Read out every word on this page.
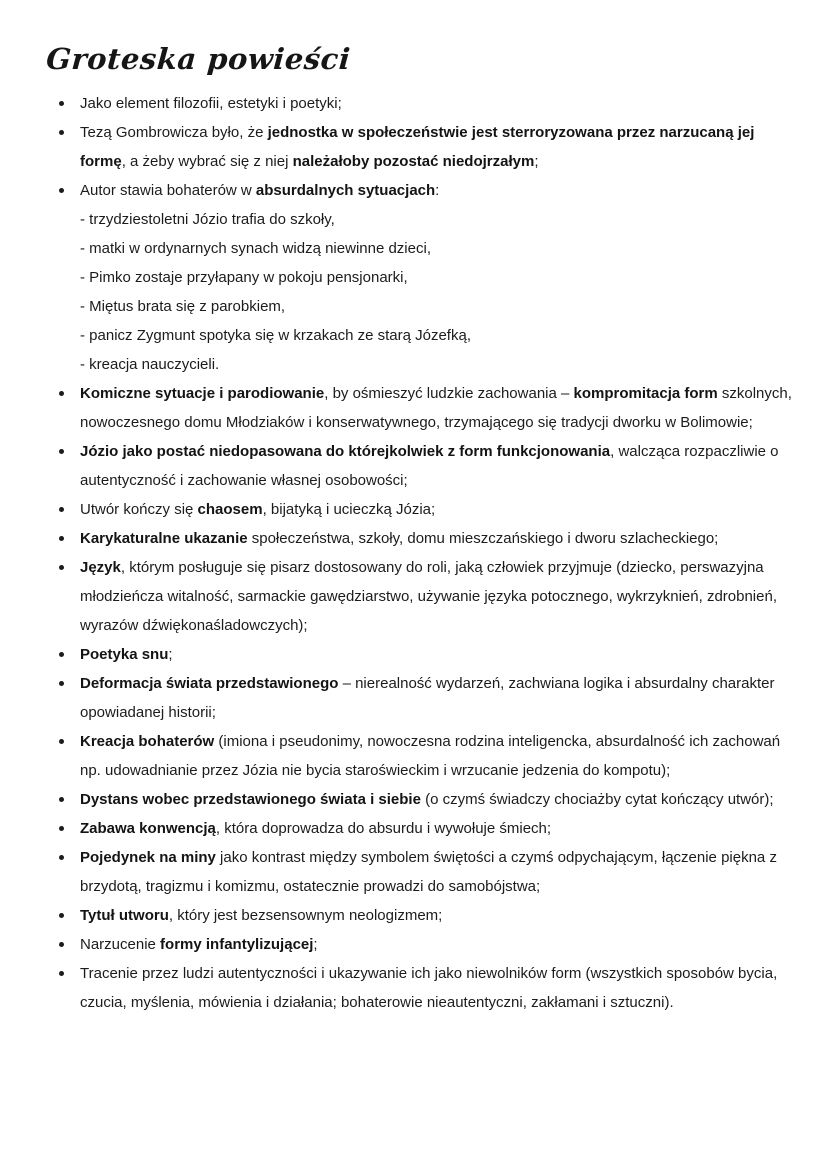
Groteska powieści
Jako element filozofii, estetyki i poetyki;
Tezą Gombrowicza było, że jednostka w społeczeństwie jest sterroryzowana przez narzucaną jej formę, a żeby wybrać się z niej należałoby pozostać niedojrzałym;
Autor stawia bohaterów w absurdalnych sytuacjach:
- trzydziestoletni Józio trafia do szkoły,
- matki w ordynarnych synach widzą niewinne dzieci,
- Pimko zostaje przyłapany w pokoju pensjonarki,
- Miętus brata się z parobkiem,
- panicz Zygmunt spotyka się w krzakach ze starą Józefką,
- kreacja nauczycieli.
Komiczne sytuacje i parodiowanie, by ośmieszyć ludzkie zachowania – kompromitacja form szkolnych, nowoczesnego domu Młodziaków i konserwatywnego, trzymającego się tradycji dworku w Bolimowie;
Józio jako postać niedopasowana do którejkolwiek z form funkcjonowania, walcząca rozpaczliwie o autentyczność i zachowanie własnej osobowości;
Utwór kończy się chaosem, bijatyką i ucieczką Józia;
Karykaturalne ukazanie społeczeństwa, szkoły, domu mieszczańskiego i dworu szlacheckiego;
Język, którym posługuje się pisarz dostosowany do roli, jaką człowiek przyjmuje (dziecko, perswazyjna młodzieńcza witalność, sarmackie gawędziarstwo, używanie języka potocznego, wykrzyknień, zdrobnień, wyrazów dźwiękonaśladowczych);
Poetyka snu;
Deformacja świata przedstawionego – nierealność wydarzeń, zachwiana logika i absurdalny charakter opowiadanej historii;
Kreacja bohaterów (imiona i pseudonimy, nowoczesna rodzina inteligencka, absurdalność ich zachowań np. udowadnianie przez Józia nie bycia staroświeckim i wrzucanie jedzenia do kompotu);
Dystans wobec przedstawionego świata i siebie (o czymś świadczy chociażby cytat kończący utwór);
Zabawa konwencją, która doprowadza do absurdu i wywołuje śmiech;
Pojedynek na miny jako kontrast między symbolem świętości a czymś odpychającym, łączenie piękna z brzydotą, tragizmu i komizmu, ostatecznie prowadzi do samobójstwa;
Tytuł utworu, który jest bezsensownym neologizmem;
Narzucenie formy infantylizującej;
Tracenie przez ludzi autentyczności i ukazywanie ich jako niewolników form (wszystkich sposobów bycia, czucia, myślenia, mówienia i działania; bohaterowie nieautentyczni, zakłamani i sztuczni).
